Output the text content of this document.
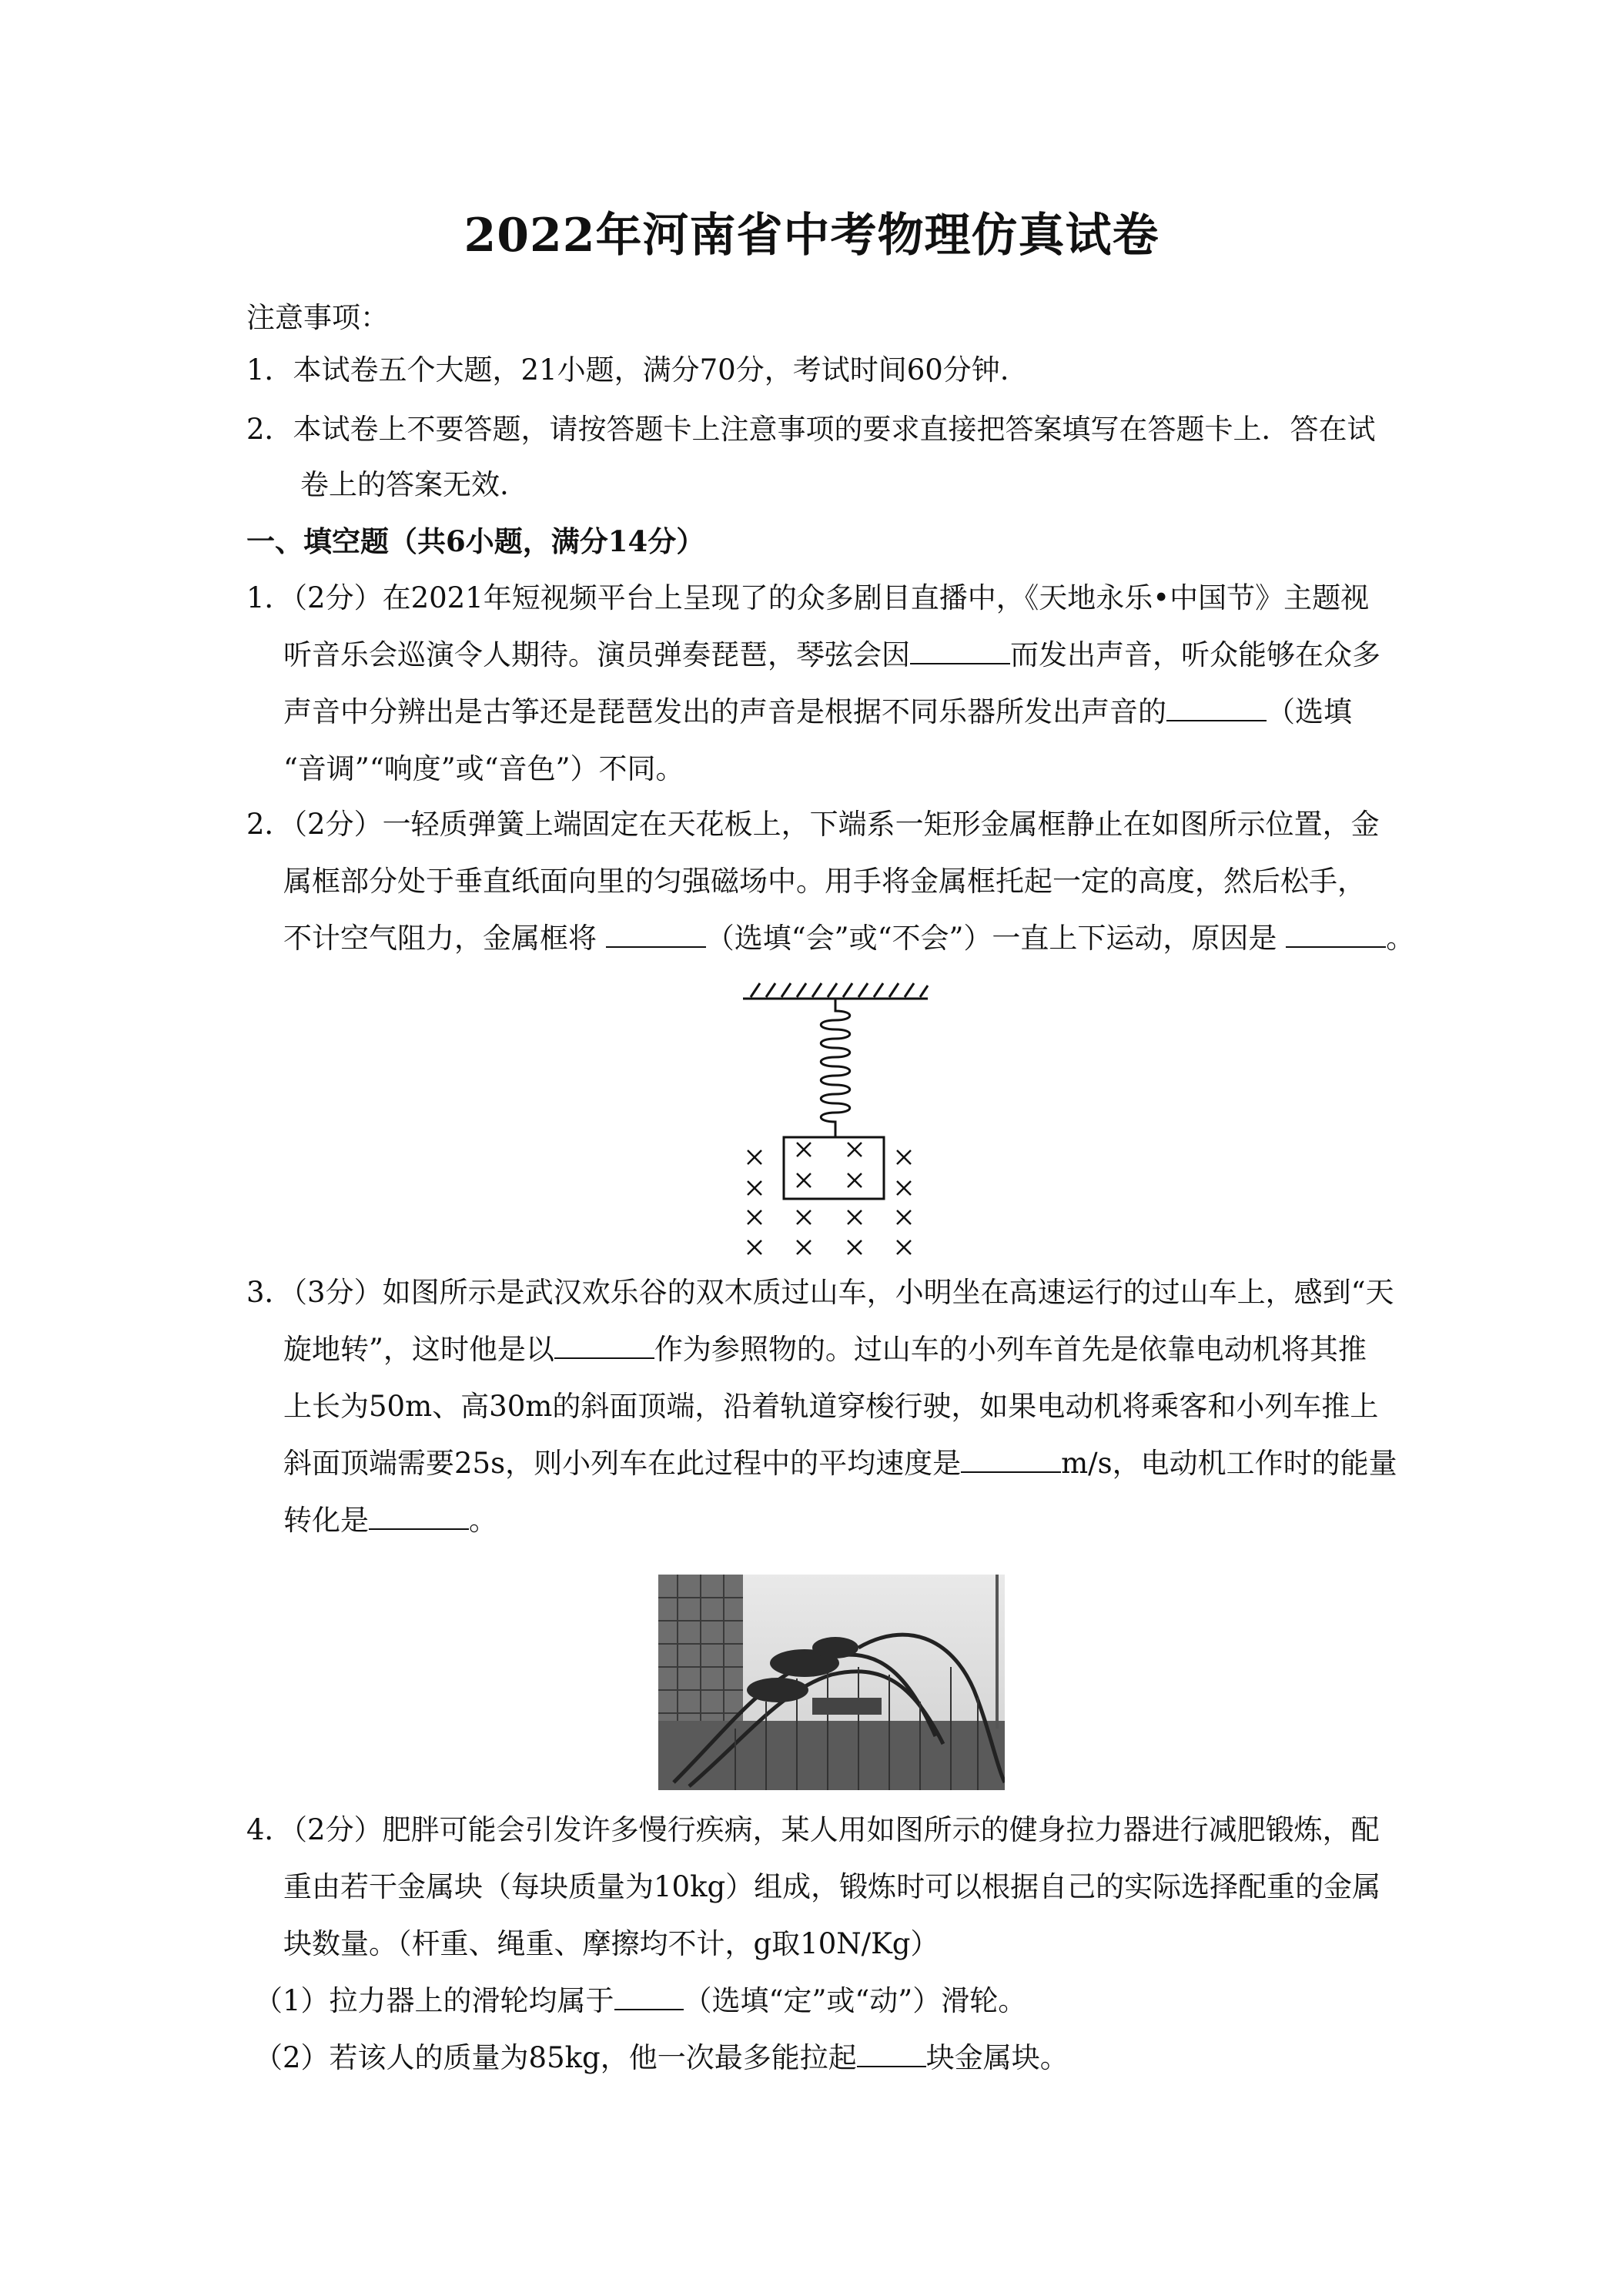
2022年河南省中考物理仿真试卷
注意事项：
1．本试卷五个大题，21小题，满分70分，考试时间60分钟.
2．本试卷上不要答题，请按答题卡上注意事项的要求直接把答案填写在答题卡上．答在试
卷上的答案无效.
一、填空题（共6小题，满分14分）
1．（2分）在2021年短视频平台上呈现了的众多剧目直播中，《天地永乐•中国节》主题视
听音乐会巡演令人期待。演员弹奏琵琶，琴弦会因	而发出声音，听众能够在众多
声音中分辨出是古筝还是琵琶发出的声音是根据不同乐器所发出声音的	（选填
“音调”“响度”或“音色”）不同。
2．（2分）一轻质弹簧上端固定在天花板上，下端系一矩形金属框静止在如图所示位置，金
属框部分处于垂直纸面向里的匀强磁场中。用手将金属框托起一定的高度，然后松手，
不计空气阻力，金属框将	（选填“会”或“不会”）一直上下运动，原因是	。
3．（3分）如图所示是武汉欢乐谷的双木质过山车，小明坐在高速运行的过山车上，感到“天
旋地转”，这时他是以	作为参照物的。过山车的小列车首先是依靠电动机将其推
上长为50m、高30m的斜面顶端，沿着轨道穿梭行驶，如果电动机将乘客和小列车推上
斜面顶端需要25s，则小列车在此过程中的平均速度是	m/s，电动机工作时的能量
转化是	。
4．（2分）肥胖可能会引发许多慢行疾病，某人用如图所示的健身拉力器进行减肥锻炼，配
重由若干金属块（每块质量为10kg）组成，锻炼时可以根据自己的实际选择配重的金属
块数量。（杆重、绳重、摩擦均不计，g取10N/Kg）
（1）拉力器上的滑轮均属于 （选填“定”或“动”）滑轮。
（2）若该人的质量为85kg，他一次最多能拉起 块金属块。
